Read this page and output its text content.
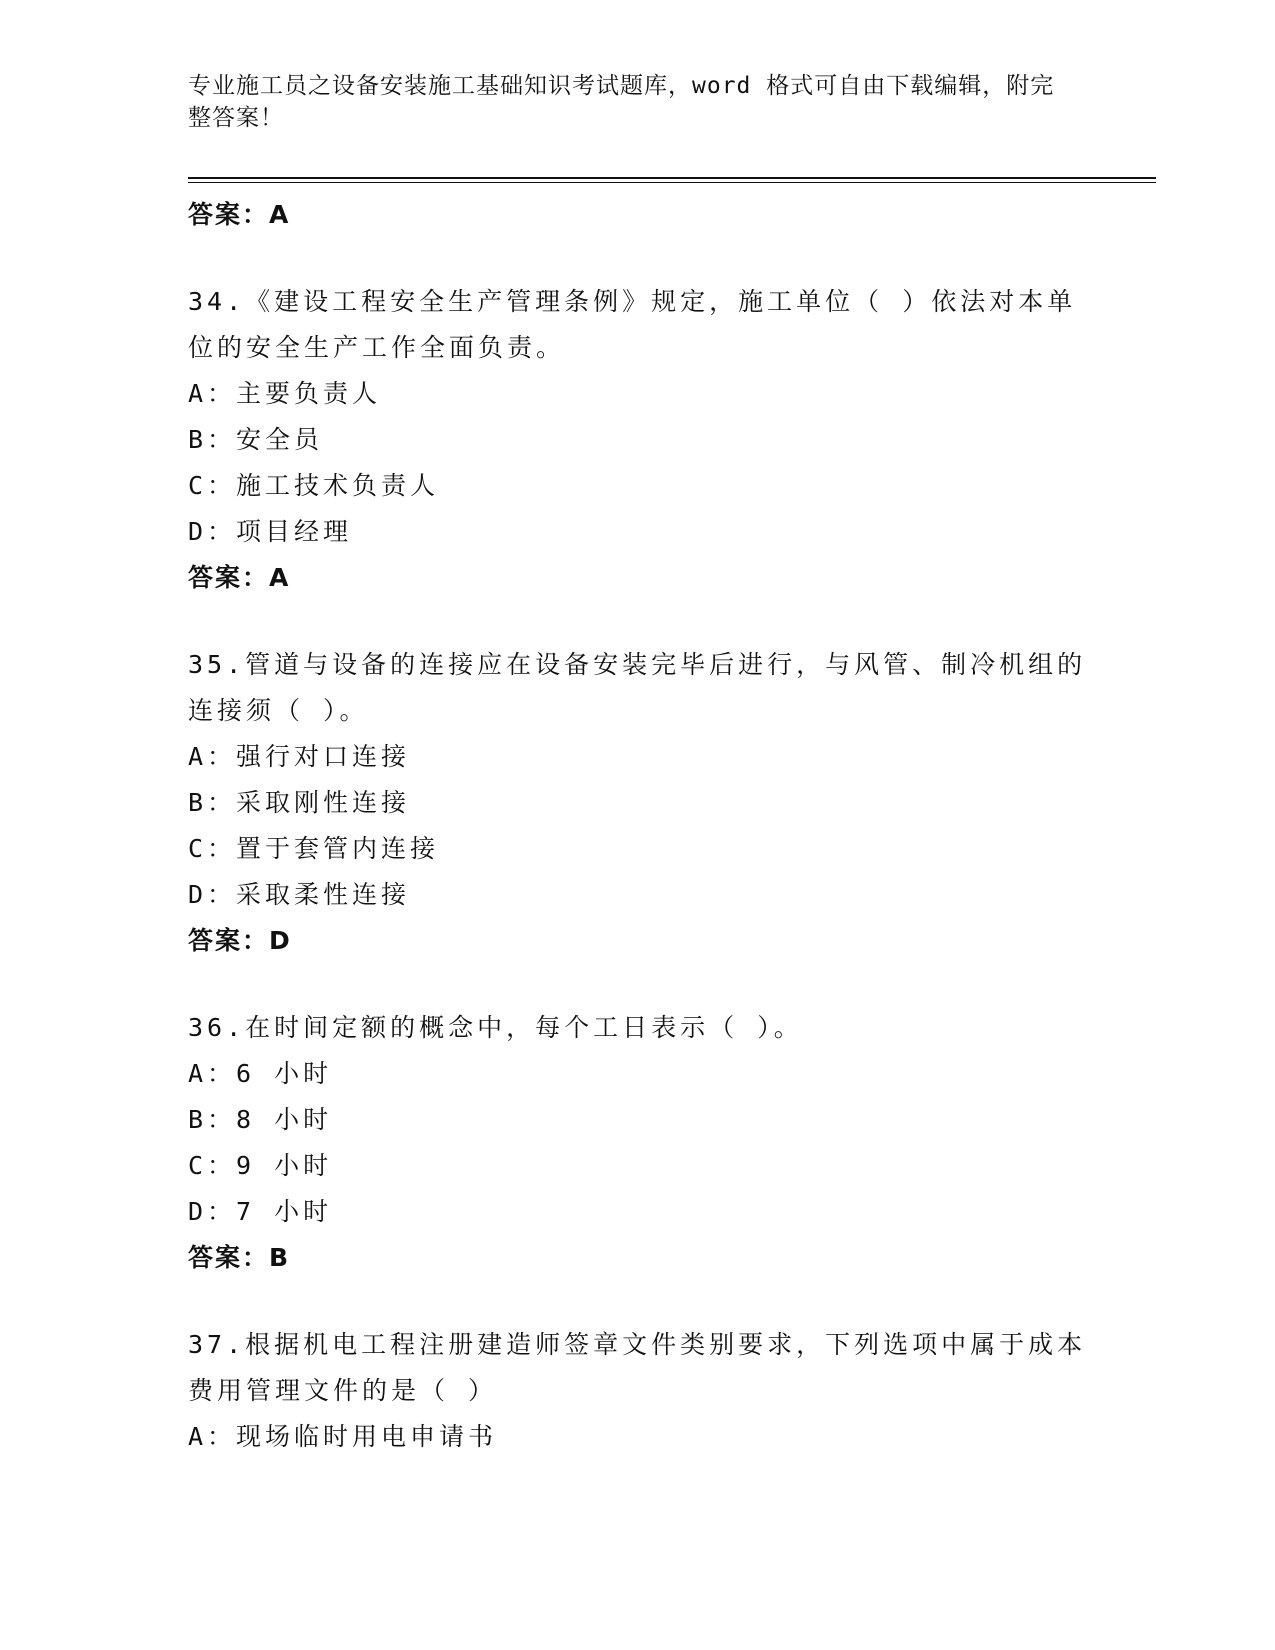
专业施工员之设备安装施工基础知识考试题库，word 格式可自由下载编辑，附完整答案！

答案：A

34.《建设工程安全生产管理条例》规定，施工单位（ ）依法对本单

位的安全生产工作全面负责。

A：主要负责人

B：安全员

C：施工技术负责人

D：项目经理

答案：A

35.管道与设备的连接应在设备安装完毕后进行，与风管、制冷机组的

连接须（ ）。

A：强行对口连接

B：采取刚性连接

C：置于套管内连接

D：采取柔性连接

答案：D

36.在时间定额的概念中，每个工日表示（ ）。

A：6 小时

B：8 小时

C：9 小时

D：7 小时

答案：B

37.根据机电工程注册建造师签章文件类别要求，下列选项中属于成本

费用管理文件的是（ ）

A：现场临时用电申请书
